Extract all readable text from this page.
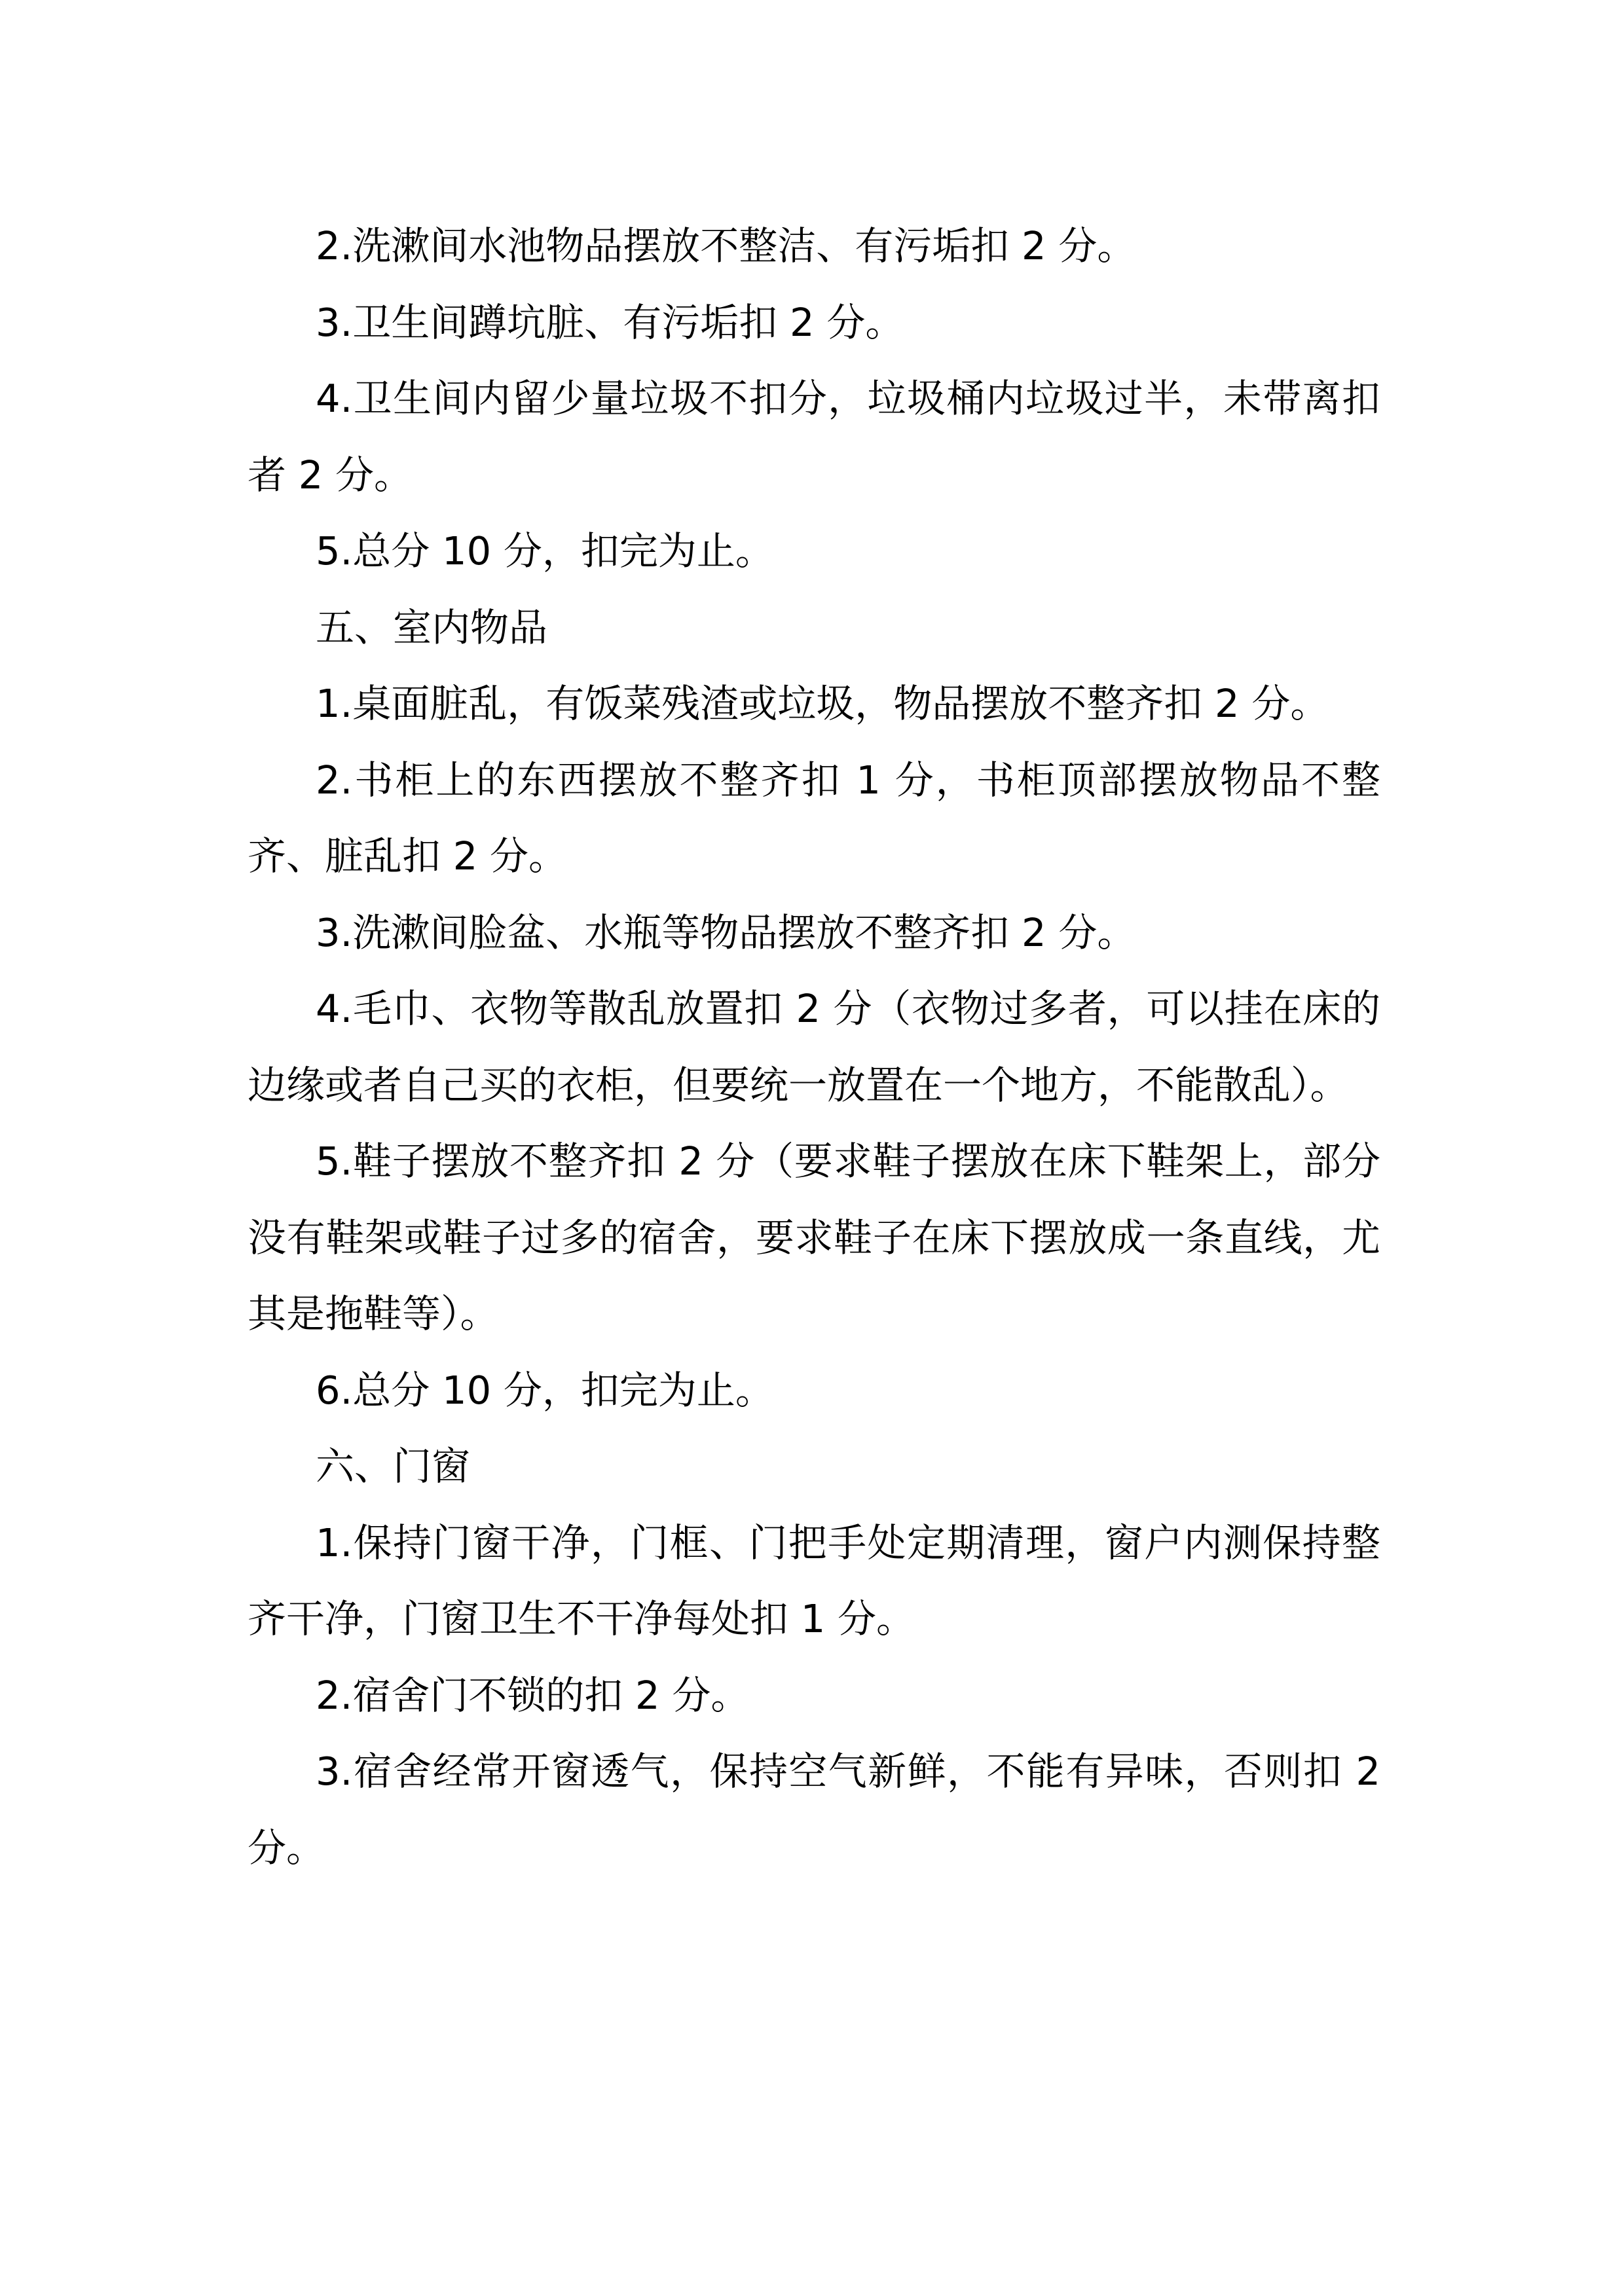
2.洗漱间水池物品摆放不整洁、有污垢扣 2 分。

3.卫生间蹲坑脏、有污垢扣 2 分。

4.卫生间内留少量垃圾不扣分，垃圾桶内垃圾过半，未带离扣者 2 分。

5.总分 10 分，扣完为止。

五、室内物品

1.桌面脏乱，有饭菜残渣或垃圾，物品摆放不整齐扣 2 分。

2.书柜上的东西摆放不整齐扣 1 分，书柜顶部摆放物品不整齐、脏乱扣 2 分。

3.洗漱间脸盆、水瓶等物品摆放不整齐扣 2 分。

4.毛巾、衣物等散乱放置扣 2 分（衣物过多者，可以挂在床的边缘或者自己买的衣柜，但要统一放置在一个地方，不能散乱）。

5.鞋子摆放不整齐扣 2 分（要求鞋子摆放在床下鞋架上，部分没有鞋架或鞋子过多的宿舍，要求鞋子在床下摆放成一条直线，尤其是拖鞋等）。

6.总分 10 分，扣完为止。

六、门窗

1.保持门窗干净，门框、门把手处定期清理，窗户内测保持整齐干净，门窗卫生不干净每处扣 1 分。

2.宿舍门不锁的扣 2 分。

3.宿舍经常开窗透气，保持空气新鲜，不能有异味，否则扣 2 分。
